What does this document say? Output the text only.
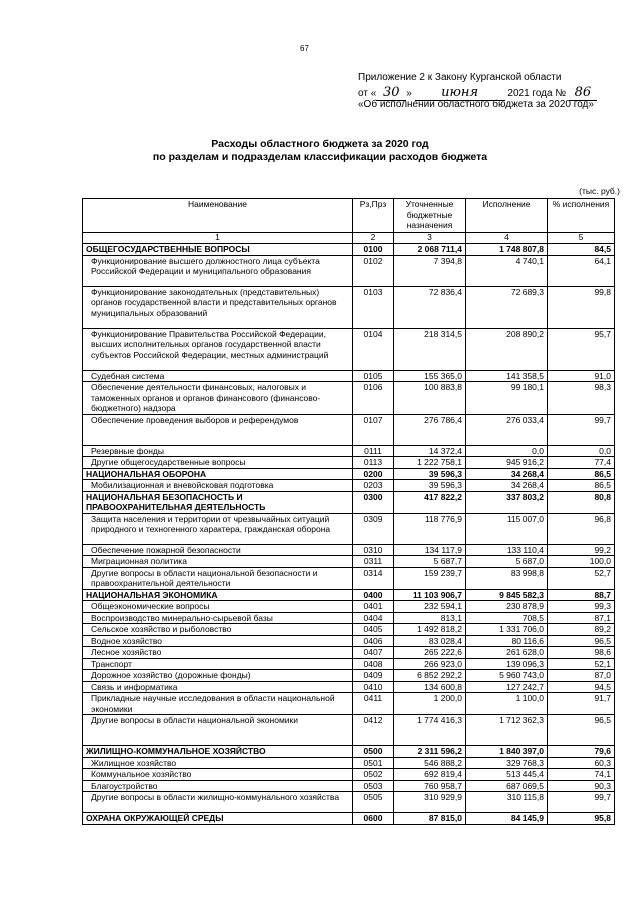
67
Приложение 2 к Закону Курганской области
от « 30 » июня	2021 года № 86
«Об исполнении областного бюджета за 2020 год»
Расходы областного бюджета за 2020 год
по разделам и подразделам классификации расходов бюджета
(тыс. руб.)
Наименование	Рз,Прз	Уточненные бюджетные назначения	Исполнение	% исполнения
1	2	3	4	5
ОБЩЕГОСУДАРСТВЕННЫЕ ВОПРОСЫ	0100	2 068 711,4	1 748 807,8	84,5
Функционирование высшего должностного лица субъекта Российской Федерации и муниципального образования	0102	7 394,8	4 740,1	64,1
Функционирование законодательных (представительных) органов государственной власти и представительных органов муниципальных образований	0103	72 836,4	72 689,3	99,8
Функционирование Правительства Российской Федерации, высших исполнительных органов государственной власти субъектов Российской Федерации, местных администраций	0104	218 314,5	208 890,2	95,7
Судебная система	0105	155 365,0	141 358,5	91,0
Обеспечение деятельности финансовых, налоговых и таможенных органов и органов финансового (финансово-бюджетного) надзора	0106	100 883,8	99 180,1	98,3
Обеспечение проведения выборов и референдумов	0107	276 786,4	276 033,4	99,7
Резервные фонды	0111	14 372,4	0,0	0,0
Другие общегосударственные вопросы	0113	1 222 758,1	945 916,2	77,4
НАЦИОНАЛЬНАЯ ОБОРОНА	0200	39 596,3	34 268,4	86,5
Мобилизационная и вневойсковая подготовка	0203	39 596,3	34 268,4	86,5
НАЦИОНАЛЬНАЯ БЕЗОПАСНОСТЬ И ПРАВООХРАНИТЕЛЬНАЯ ДЕЯТЕЛЬНОСТЬ	0300	417 822,2	337 803,2	80,8
Защита населения и территории от чрезвычайных ситуаций природного и техногенного характера, гражданская оборона	0309	118 776,9	115 007,0	96,8
Обеспечение пожарной безопасности	0310	134 117,9	133 110,4	99,2
Миграционная политика	0311	5 687,7	5 687,0	100,0
Другие вопросы в области национальной безопасности и правоохранительной деятельности	0314	159 239,7	83 998,8	52,7
НАЦИОНАЛЬНАЯ ЭКОНОМИКА	0400	11 103 906,7	9 845 582,3	88,7
Общеэкономические вопросы	0401	232 594,1	230 878,9	99,3
Воспроизводство минерально-сырьевой базы	0404	813,1	708,5	87,1
Сельское хозяйство и рыболовство	0405	1 492 818,2	1 331 706,0	89,2
Водное хозяйство	0406	83 028,4	80 116,6	96,5
Лесное хозяйство	0407	265 222,6	261 628,0	98,6
Транспорт	0408	266 923,0	139 096,3	52,1
Дорожное хозяйство (дорожные фонды)	0409	6 852 292,2	5 960 743,0	87,0
Связь и информатика	0410	134 600,8	127 242,7	94,5
Прикладные научные исследования в области национальной экономики	0411	1 200,0	1 100,0	91,7
Другие вопросы в области национальной экономики	0412	1 774 416,3	1 712 362,3	96,5
ЖИЛИЩНО-КОММУНАЛЬНОЕ ХОЗЯЙСТВО	0500	2 311 596,2	1 840 397,0	79,6
Жилищное хозяйство	0501	546 888,2	329 768,3	60,3
Коммунальное хозяйство	0502	692 819,4	513 445,4	74,1
Благоустройство	0503	760 958,7	687 069,5	90,3
Другие вопросы в области жилищно-коммунального хозяйства	0505	310 929,9	310 115,8	99,7
ОХРАНА ОКРУЖАЮЩЕЙ СРЕДЫ	0600	87 815,0	84 145,9	95,8
